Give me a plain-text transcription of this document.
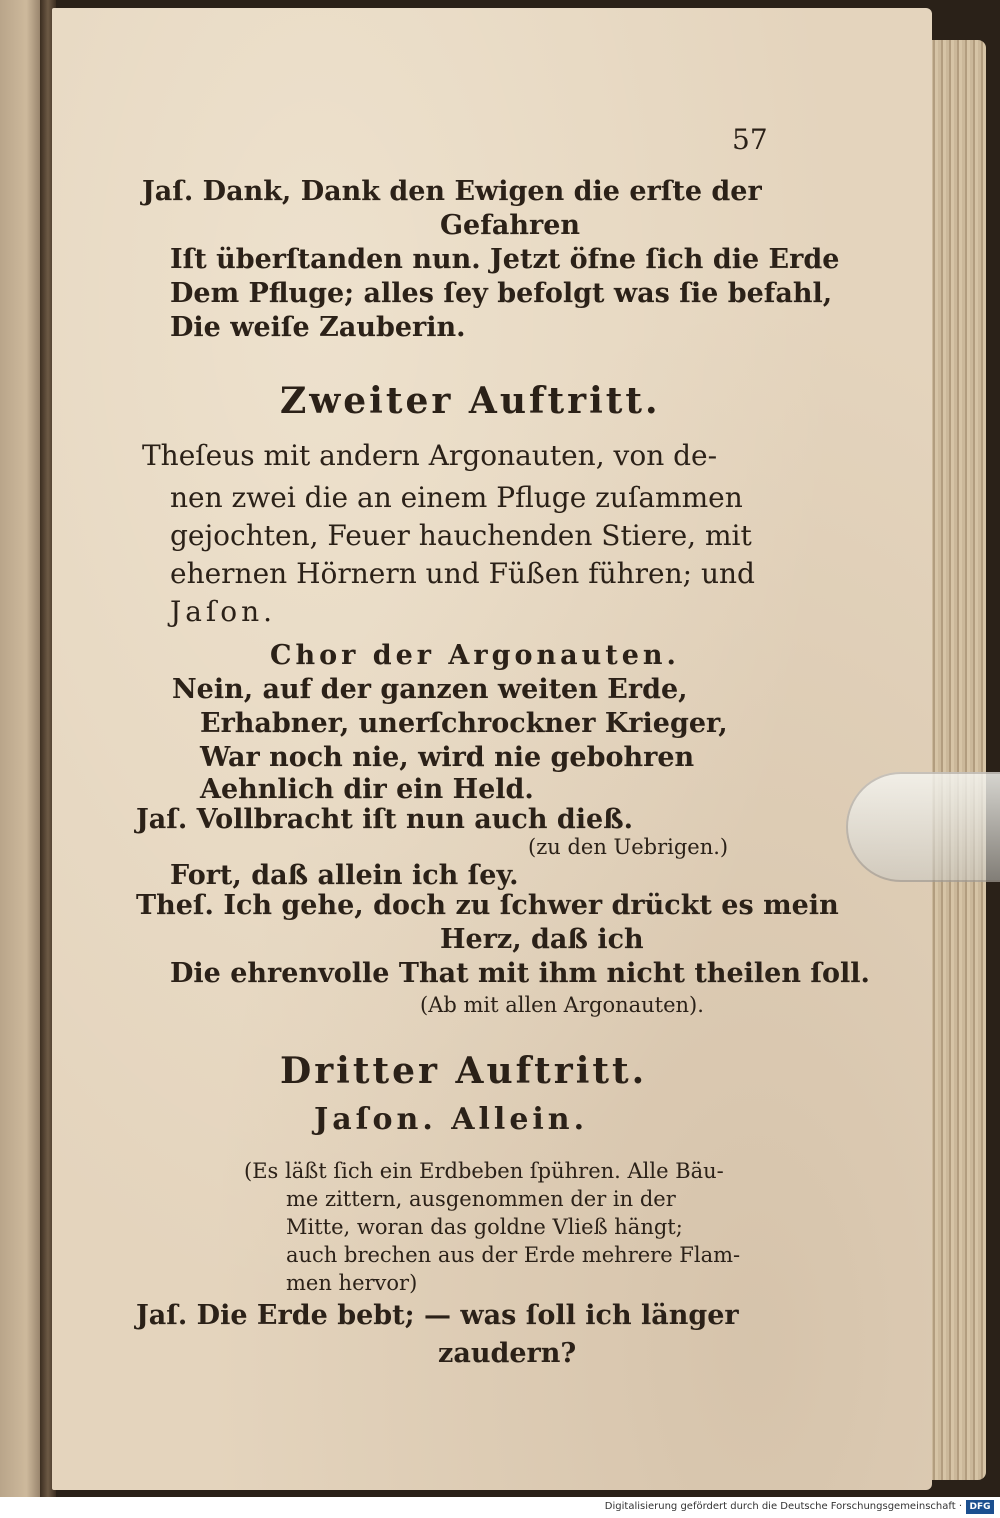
57
Jaſ. Dank, Dank den Ewigen die erſte der
Gefahren
Iſt überſtanden nun. Jetzt öfne ſich die Erde
Dem Pfluge; alles ſey befolgt was ſie befahl,
Die weiſe Zauberin.
Zweiter Auftritt.
Theſeus mit andern Argonauten, von de-
nen zwei die an einem Pfluge zuſammen
gejochten, Feuer hauchenden Stiere, mit
ehernen Hörnern und Füßen führen; und
Jaſon.
Chor der Argonauten.
Nein, auf der ganzen weiten Erde,
Erhabner, unerſchrockner Krieger,
War noch nie, wird nie gebohren
Aehnlich dir ein Held.
Jaſ. Vollbracht iſt nun auch dieß.
(zu den Uebrigen.)
Fort, daß allein ich ſey.
Theſ. Ich gehe, doch zu ſchwer drückt es mein
Herz, daß ich
Die ehrenvolle That mit ihm nicht theilen ſoll.
(Ab mit allen Argonauten).
Dritter Auftritt.
Jaſon. Allein.
(Es läßt ſich ein Erdbeben ſpühren. Alle Bäu-
me zittern, ausgenommen der in der
Mitte, woran das goldne Vließ hängt;
auch brechen aus der Erde mehrere Flam-
men hervor)
Jaſ. Die Erde bebt; — was ſoll ich länger
zaudern?
Digitalisierung gefördert durch die Deutsche Forschungsgemeinschaft · DFG
